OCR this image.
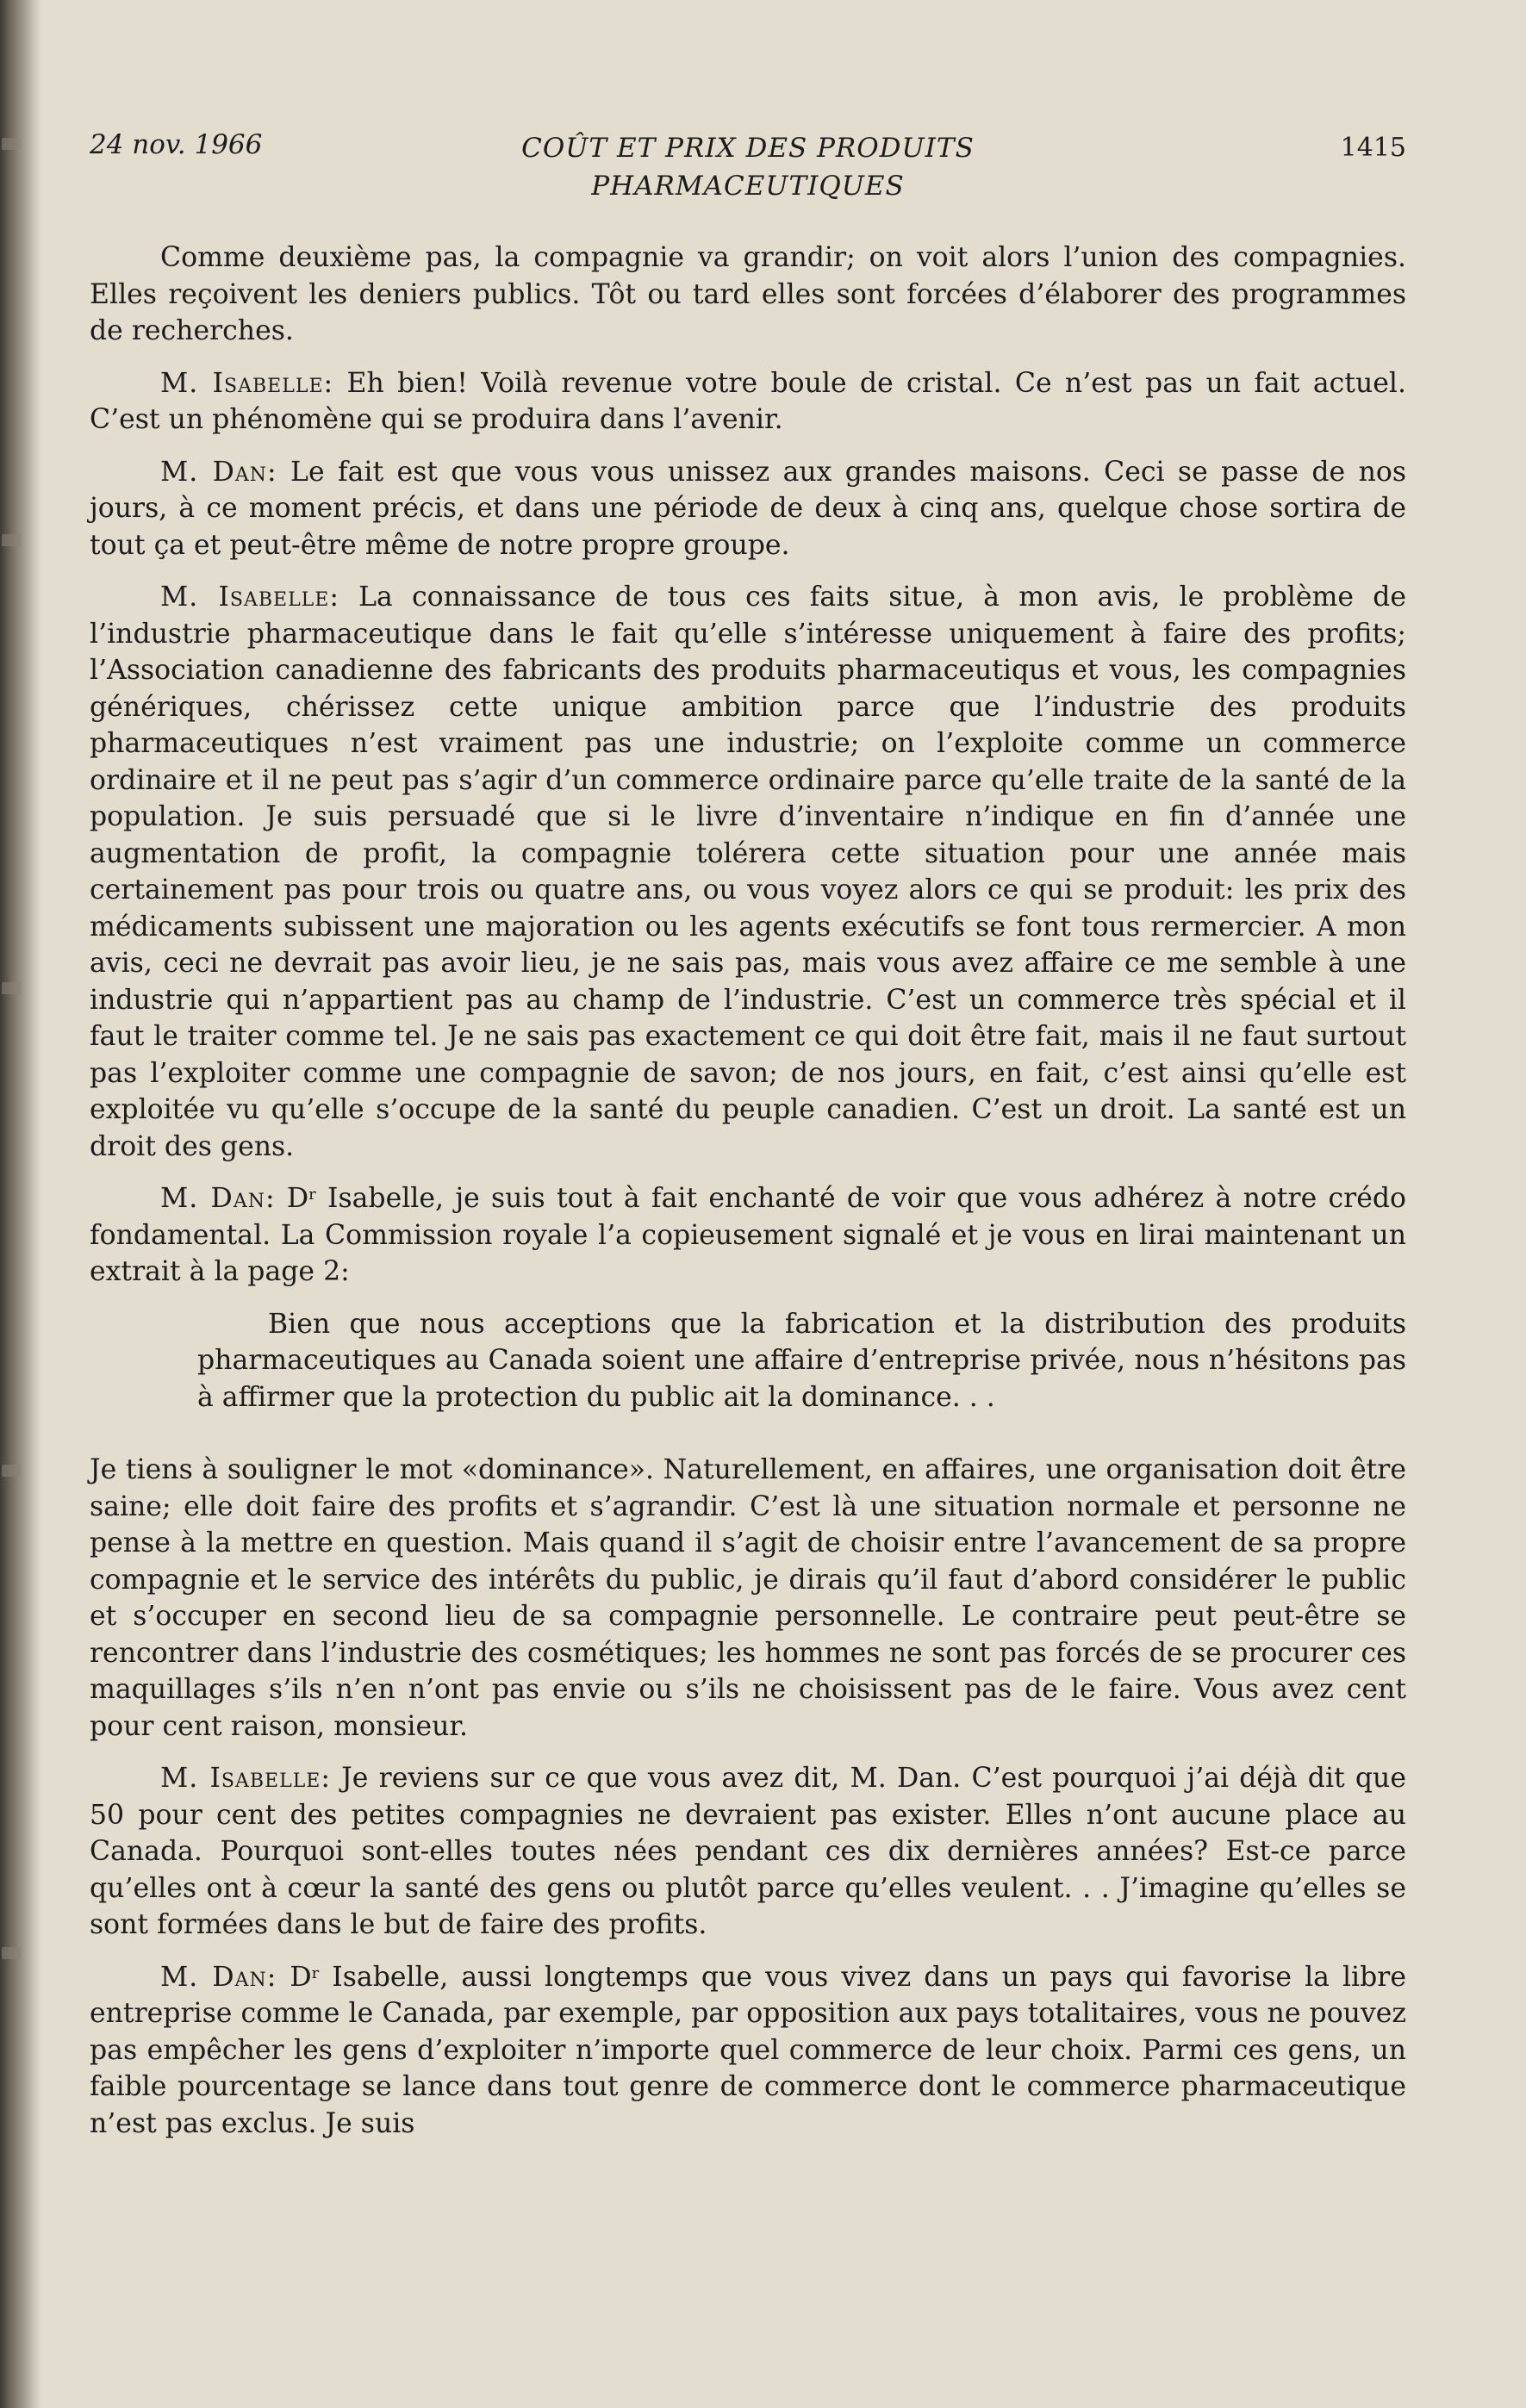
24 nov. 1966	COÛT ET PRIX DES PRODUITS
PHARMACEUTIQUES
1415

Comme deuxième pas, la compagnie va grandir; on voit alors l’union des compagnies. Elles reçoivent les deniers publics. Tôt ou tard elles sont forcées d’élaborer des programmes de recherches.

M. Isabelle: Eh bien! Voilà revenue votre boule de cristal. Ce n’est pas un fait actuel. C’est un phénomène qui se produira dans l’avenir.

M. Dan: Le fait est que vous vous unissez aux grandes maisons. Ceci se passe de nos jours, à ce moment précis, et dans une période de deux à cinq ans, quelque chose sortira de tout ça et peut-être même de notre propre groupe.

M. Isabelle: La connaissance de tous ces faits situe, à mon avis, le problème de l’industrie pharmaceutique dans le fait qu’elle s’intéresse uniquement à faire des profits; l’Association canadienne des fabricants des produits pharmaceutiqus et vous, les compagnies génériques, chérissez cette unique ambition parce que l’industrie des produits pharmaceutiques n’est vraiment pas une industrie; on l’exploite comme un commerce ordinaire et il ne peut pas s’agir d’un commerce ordinaire parce qu’elle traite de la santé de la population. Je suis persuadé que si le livre d’inventaire n’indique en fin d’année une augmentation de profit, la compagnie tolérera cette situation pour une année mais certainement pas pour trois ou quatre ans, ou vous voyez alors ce qui se produit: les prix des médicaments subissent une majoration ou les agents exécutifs se font tous rermercier. A mon avis, ceci ne devrait pas avoir lieu, je ne sais pas, mais vous avez affaire ce me semble à une industrie qui n’appartient pas au champ de l’industrie. C’est un commerce très spécial et il faut le traiter comme tel. Je ne sais pas exactement ce qui doit être fait, mais il ne faut surtout pas l’exploiter comme une compagnie de savon; de nos jours, en fait, c’est ainsi qu’elle est exploitée vu qu’elle s’occupe de la santé du peuple canadien. C’est un droit. La santé est un droit des gens.

M. Dan: $D^r$ Isabelle, je suis tout à fait enchanté de voir que vous adhérez à notre crédo fondamental. La Commission royale l’a copieusement signalé et je vous en lirai maintenant un extrait à la page 2:

Bien que nous acceptions que la fabrication et la distribution des produits pharmaceutiques au Canada soient une affaire d’entreprise privée, nous n’hésitons pas à affirmer que la protection du public ait la dominance. . .

Je tiens à souligner le mot «dominance». Naturellement, en affaires, une organisation doit être saine; elle doit faire des profits et s’agrandir. C’est là une situation normale et personne ne pense à la mettre en question. Mais quand il s’agit de choisir entre l’avancement de sa propre compagnie et le service des intérêts du public, je dirais qu’il faut d’abord considérer le public et s’occuper en second lieu de sa compagnie personnelle. Le contraire peut peut-être se rencontrer dans l’industrie des cosmétiques; les hommes ne sont pas forcés de se procurer ces maquillages s’ils n’en n’ont pas envie ou s’ils ne choisissent pas de le faire. Vous avez cent pour cent raison, monsieur.

M. Isabelle: Je reviens sur ce que vous avez dit, M. Dan. C’est pourquoi j’ai déjà dit que 50 pour cent des petites compagnies ne devraient pas exister. Elles n’ont aucune place au Canada. Pourquoi sont-elles toutes nées pendant ces dix dernières années? Est-ce parce qu’elles ont à cœur la santé des gens ou plutôt parce qu’elles veulent. . . J’imagine qu’elles se sont formées dans le but de faire des profits.

M. Dan: $D^r$ Isabelle, aussi longtemps que vous vivez dans un pays qui favorise la libre entreprise comme le Canada, par exemple, par opposition aux pays totalitaires, vous ne pouvez pas empêcher les gens d’exploiter n’importe quel commerce de leur choix. Parmi ces gens, un faible pourcentage se lance dans tout genre de commerce dont le commerce pharmaceutique n’est pas exclus. Je suis
